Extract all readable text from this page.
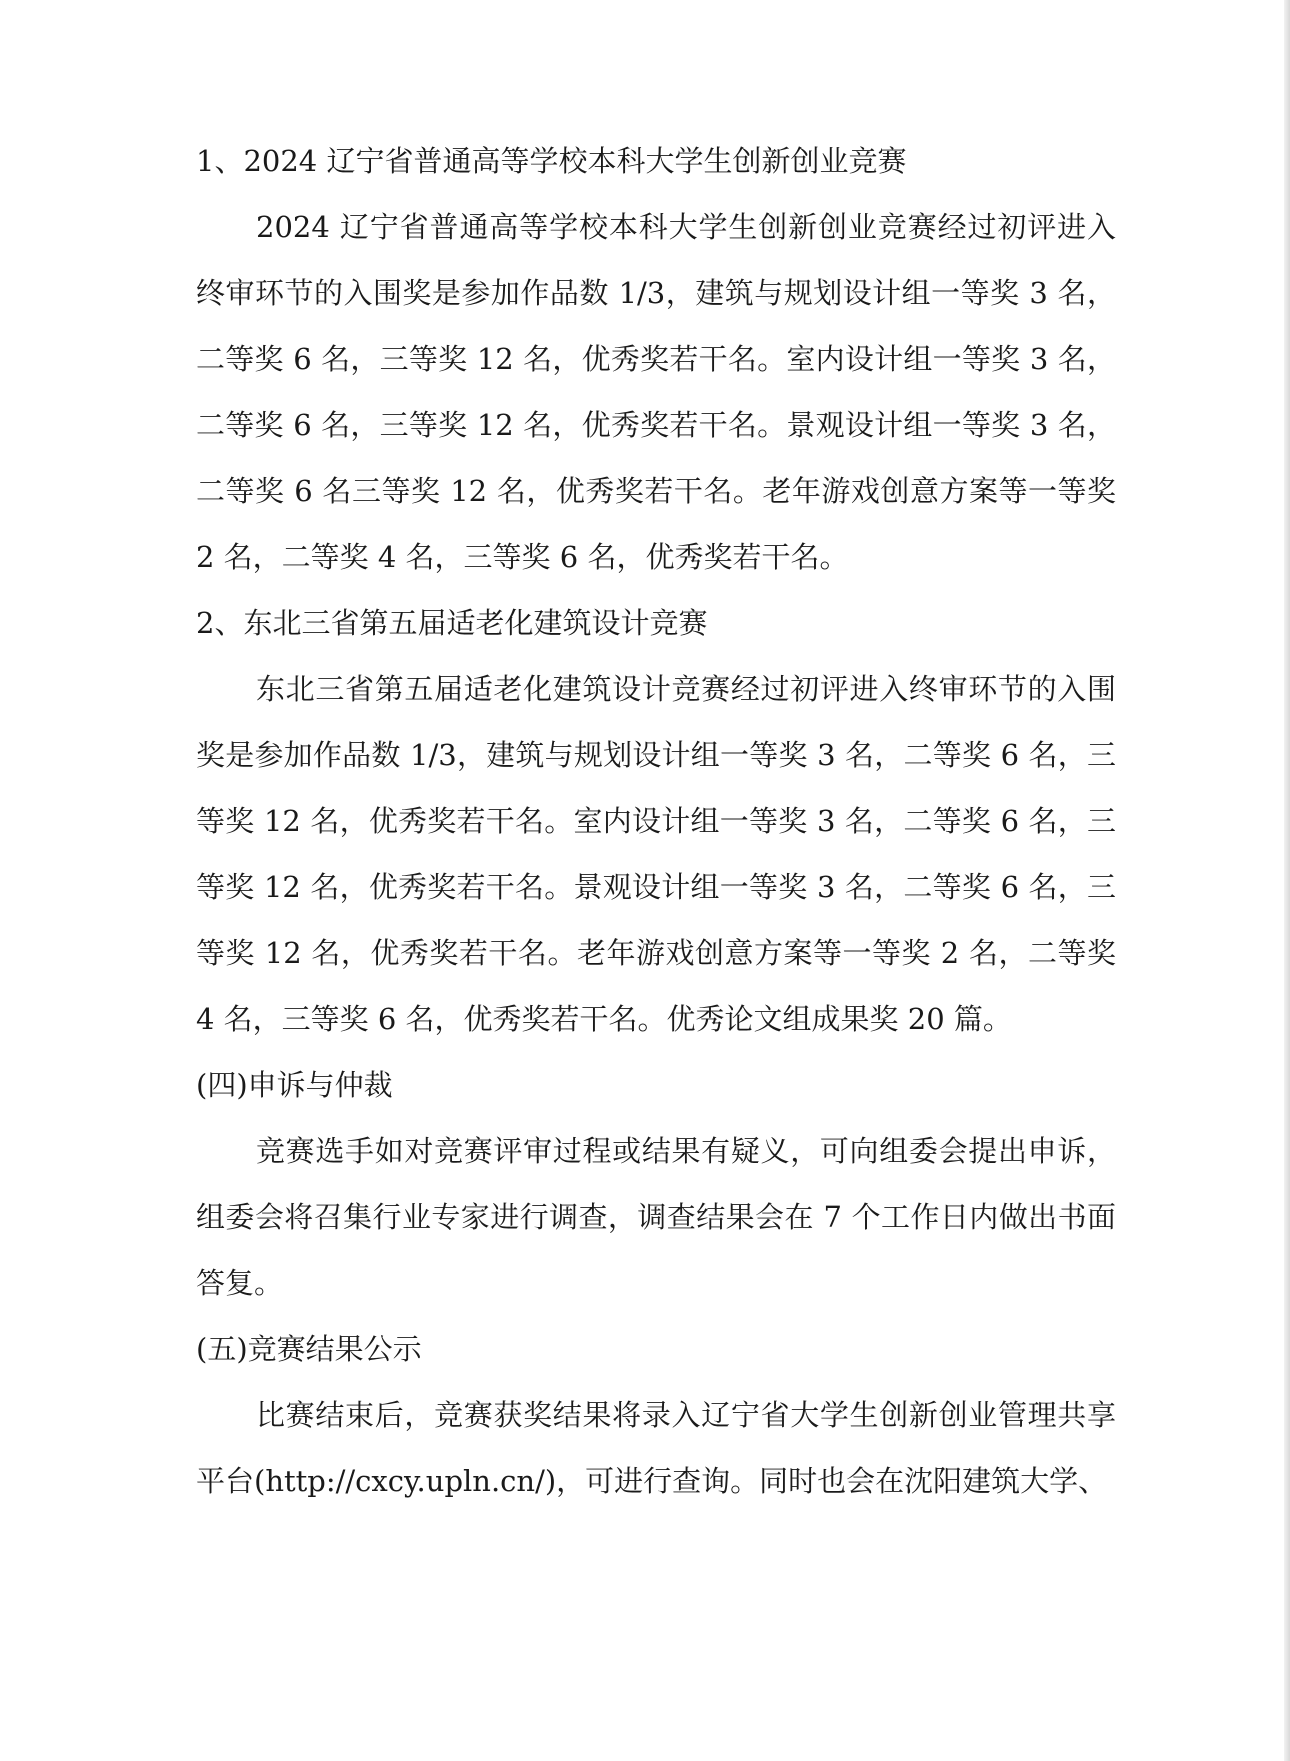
1、2024 辽宁省普通高等学校本科大学生创新创业竞赛

2024 辽宁省普通高等学校本科大学生创新创业竞赛经过初评进入终审环节的入围奖是参加作品数 1/3，建筑与规划设计组一等奖 3 名，二等奖 6 名，三等奖 12 名，优秀奖若干名。室内设计组一等奖 3 名，二等奖 6 名，三等奖 12 名，优秀奖若干名。景观设计组一等奖 3 名，二等奖 6 名三等奖 12 名，优秀奖若干名。老年游戏创意方案等一等奖 2 名，二等奖 4 名，三等奖 6 名，优秀奖若干名。

2、东北三省第五届适老化建筑设计竞赛

东北三省第五届适老化建筑设计竞赛经过初评进入终审环节的入围奖是参加作品数 1/3，建筑与规划设计组一等奖 3 名，二等奖 6 名，三等奖 12 名，优秀奖若干名。室内设计组一等奖 3 名，二等奖 6 名，三等奖 12 名，优秀奖若干名。景观设计组一等奖 3 名，二等奖 6 名，三等奖 12 名，优秀奖若干名。老年游戏创意方案等一等奖 2 名，二等奖 4 名，三等奖 6 名，优秀奖若干名。优秀论文组成果奖 20 篇。

(四)申诉与仲裁

竞赛选手如对竞赛评审过程或结果有疑义，可向组委会提出申诉，组委会将召集行业专家进行调查，调查结果会在 7 个工作日内做出书面答复。

(五)竞赛结果公示

比赛结束后，竞赛获奖结果将录入辽宁省大学生创新创业管理共享平台(http://cxcy.upln.cn/)，可进行查询。同时也会在沈阳建筑大学、
